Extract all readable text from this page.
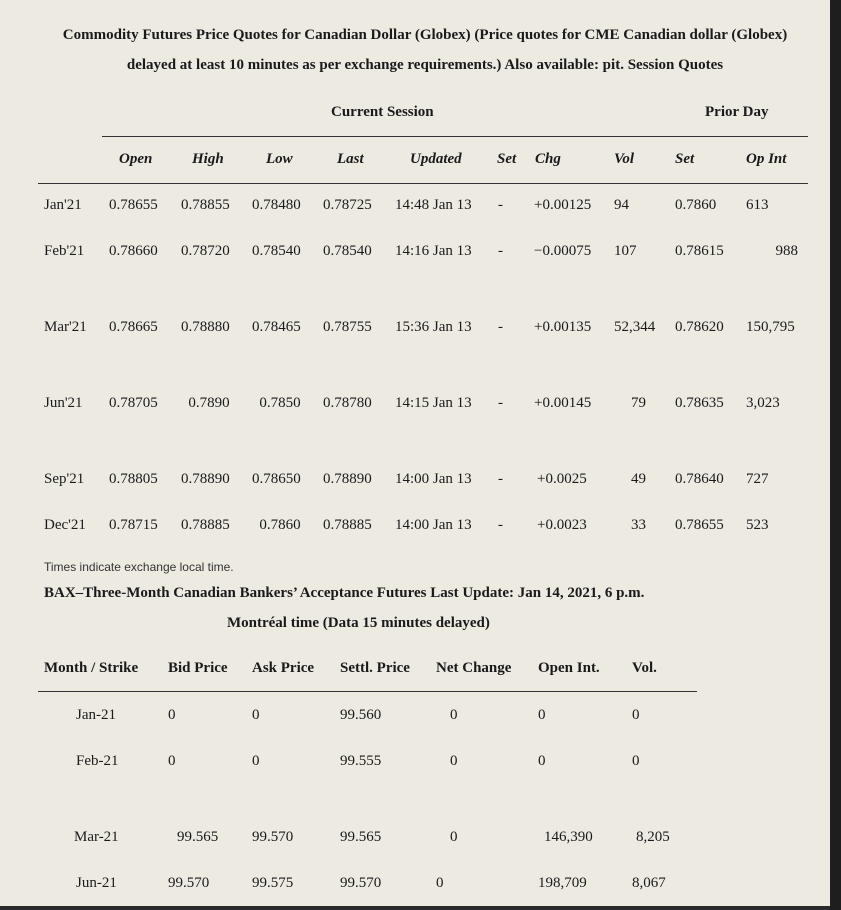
Commodity Futures Price Quotes for Canadian Dollar (Globex) (Price quotes for CME Canadian dollar (Globex) delayed at least 10 minutes as per exchange requirements.) Also available: pit. Session Quotes
Current Session	Prior Day
Open	High	Low	Last	Updated Set Chg	Vol	Set	Op Int
Jan'21 0.78655 0.78855 0.78480 0.78725 14:48 Jan 13 - +0.00125 94	0.7860 613
Feb'21 0.78660 0.78720 0.78540 0.78540 14:16 Jan 13 - −0.00075 107	0.78615	988
Mar'21 0.78665 0.78880 0.78465 0.78755 15:36 Jan 13 - +0.00135 52,344 0.78620 150,795
Jun'21 0.78705	0.7890	0.7850	0.78780 14:15 Jan 13 - +0.00145	79 0.78635 3,023
Sep'21 0.78805 0.78890 0.78650 0.78890 14:00 Jan 13 - +0.0025	49 0.78640 727
Dec'21 0.78715 0.78885	0.7860	0.78885 14:00 Jan 13 - +0.0023	33 0.78655 523
Times indicate exchange local time.
BAX–Three-Month Canadian Bankers’ Acceptance Futures Last Update: Jan 14, 2021, 6 p.m.
Montréal time (Data 15 minutes delayed)
Month / Strike Bid Price Ask Price Settl. Price Net Change Open Int. Vol.
Jan-21	0	0	99.560	0	0	0
Feb-21	0	0	99.555	0	0	0
Mar-21	99.565 99.570	99.565	0	146,390	8,205
Jun-21	99.570	99.575	99.570	0	198,709	8,067
